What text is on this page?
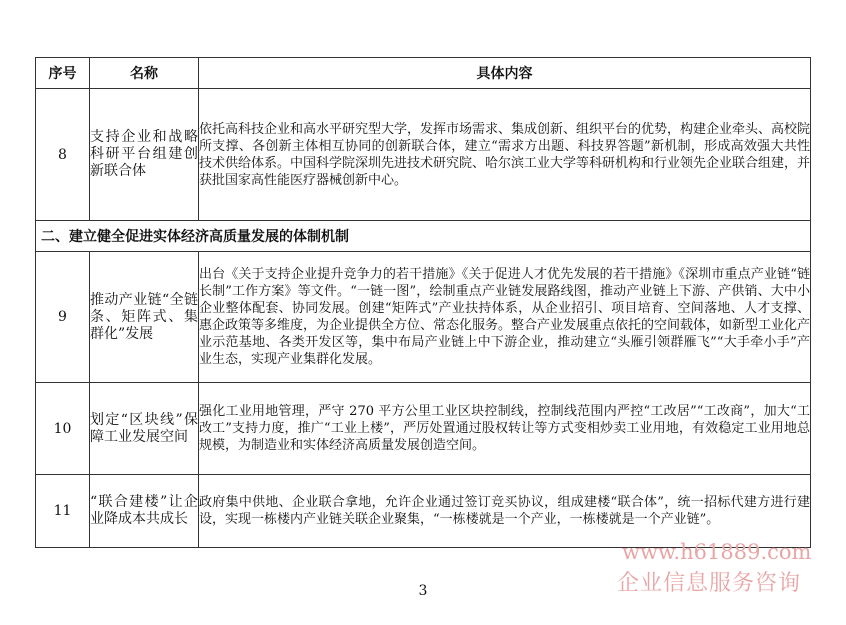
序号	名称	具体内容
8	支持企业和战略科研平台组建创新联合体	依托高科技企业和高水平研究型大学，发挥市场需求、集成创新、组织平台的优势，构建企业牵头、高校院所支撑、各创新主体相互协同的创新联合体，建立“需求方出题、科技界答题”新机制，形成高效强大共性技术供给体系。中国科学院深圳先进技术研究院、哈尔滨工业大学等科研机构和行业领先企业联合组建，并获批国家高性能医疗器械创新中心。
二、建立健全促进实体经济高质量发展的体制机制		
9	推动产业链“全链条、矩阵式、集群化”发展	出台《关于支持企业提升竞争力的若干措施》《关于促进人才优先发展的若干措施》《深圳市重点产业链“链长制”工作方案》等文件。“一链一图”，绘制重点产业链发展路线图，推动产业链上下游、产供销、大中小企业整体配套、协同发展。创建“矩阵式”产业扶持体系，从企业招引、项目培育、空间落地、人才支撑、惠企政策等多维度，为企业提供全方位、常态化服务。整合产业发展重点依托的空间载体，如新型工业化产业示范基地、各类开发区等，集中布局产业链上中下游企业，推动建立“头雁引领群雁飞”“大手牵小手”产业生态，实现产业集群化发展。
10	划定“区块线”保障工业发展空间	强化工业用地管理，严守 270 平方公里工业区块控制线，控制线范围内严控“工改居”“工改商”，加大“工改工”支持力度，推广“工业上楼”，严厉处置通过股权转让等方式变相炒卖工业用地，有效稳定工业用地总规模，为制造业和实体经济高质量发展创造空间。
11	“联合建楼”让企业降成本共成长	政府集中供地、企业联合拿地，允许企业通过签订竞买协议，组成建楼“联合体”，统一招标代建方进行建设，实现一栋楼内产业链关联企业聚集，“一栋楼就是一个产业，一栋楼就是一个产业链”。
www.h61889.com
企业信息服务咨询
3
